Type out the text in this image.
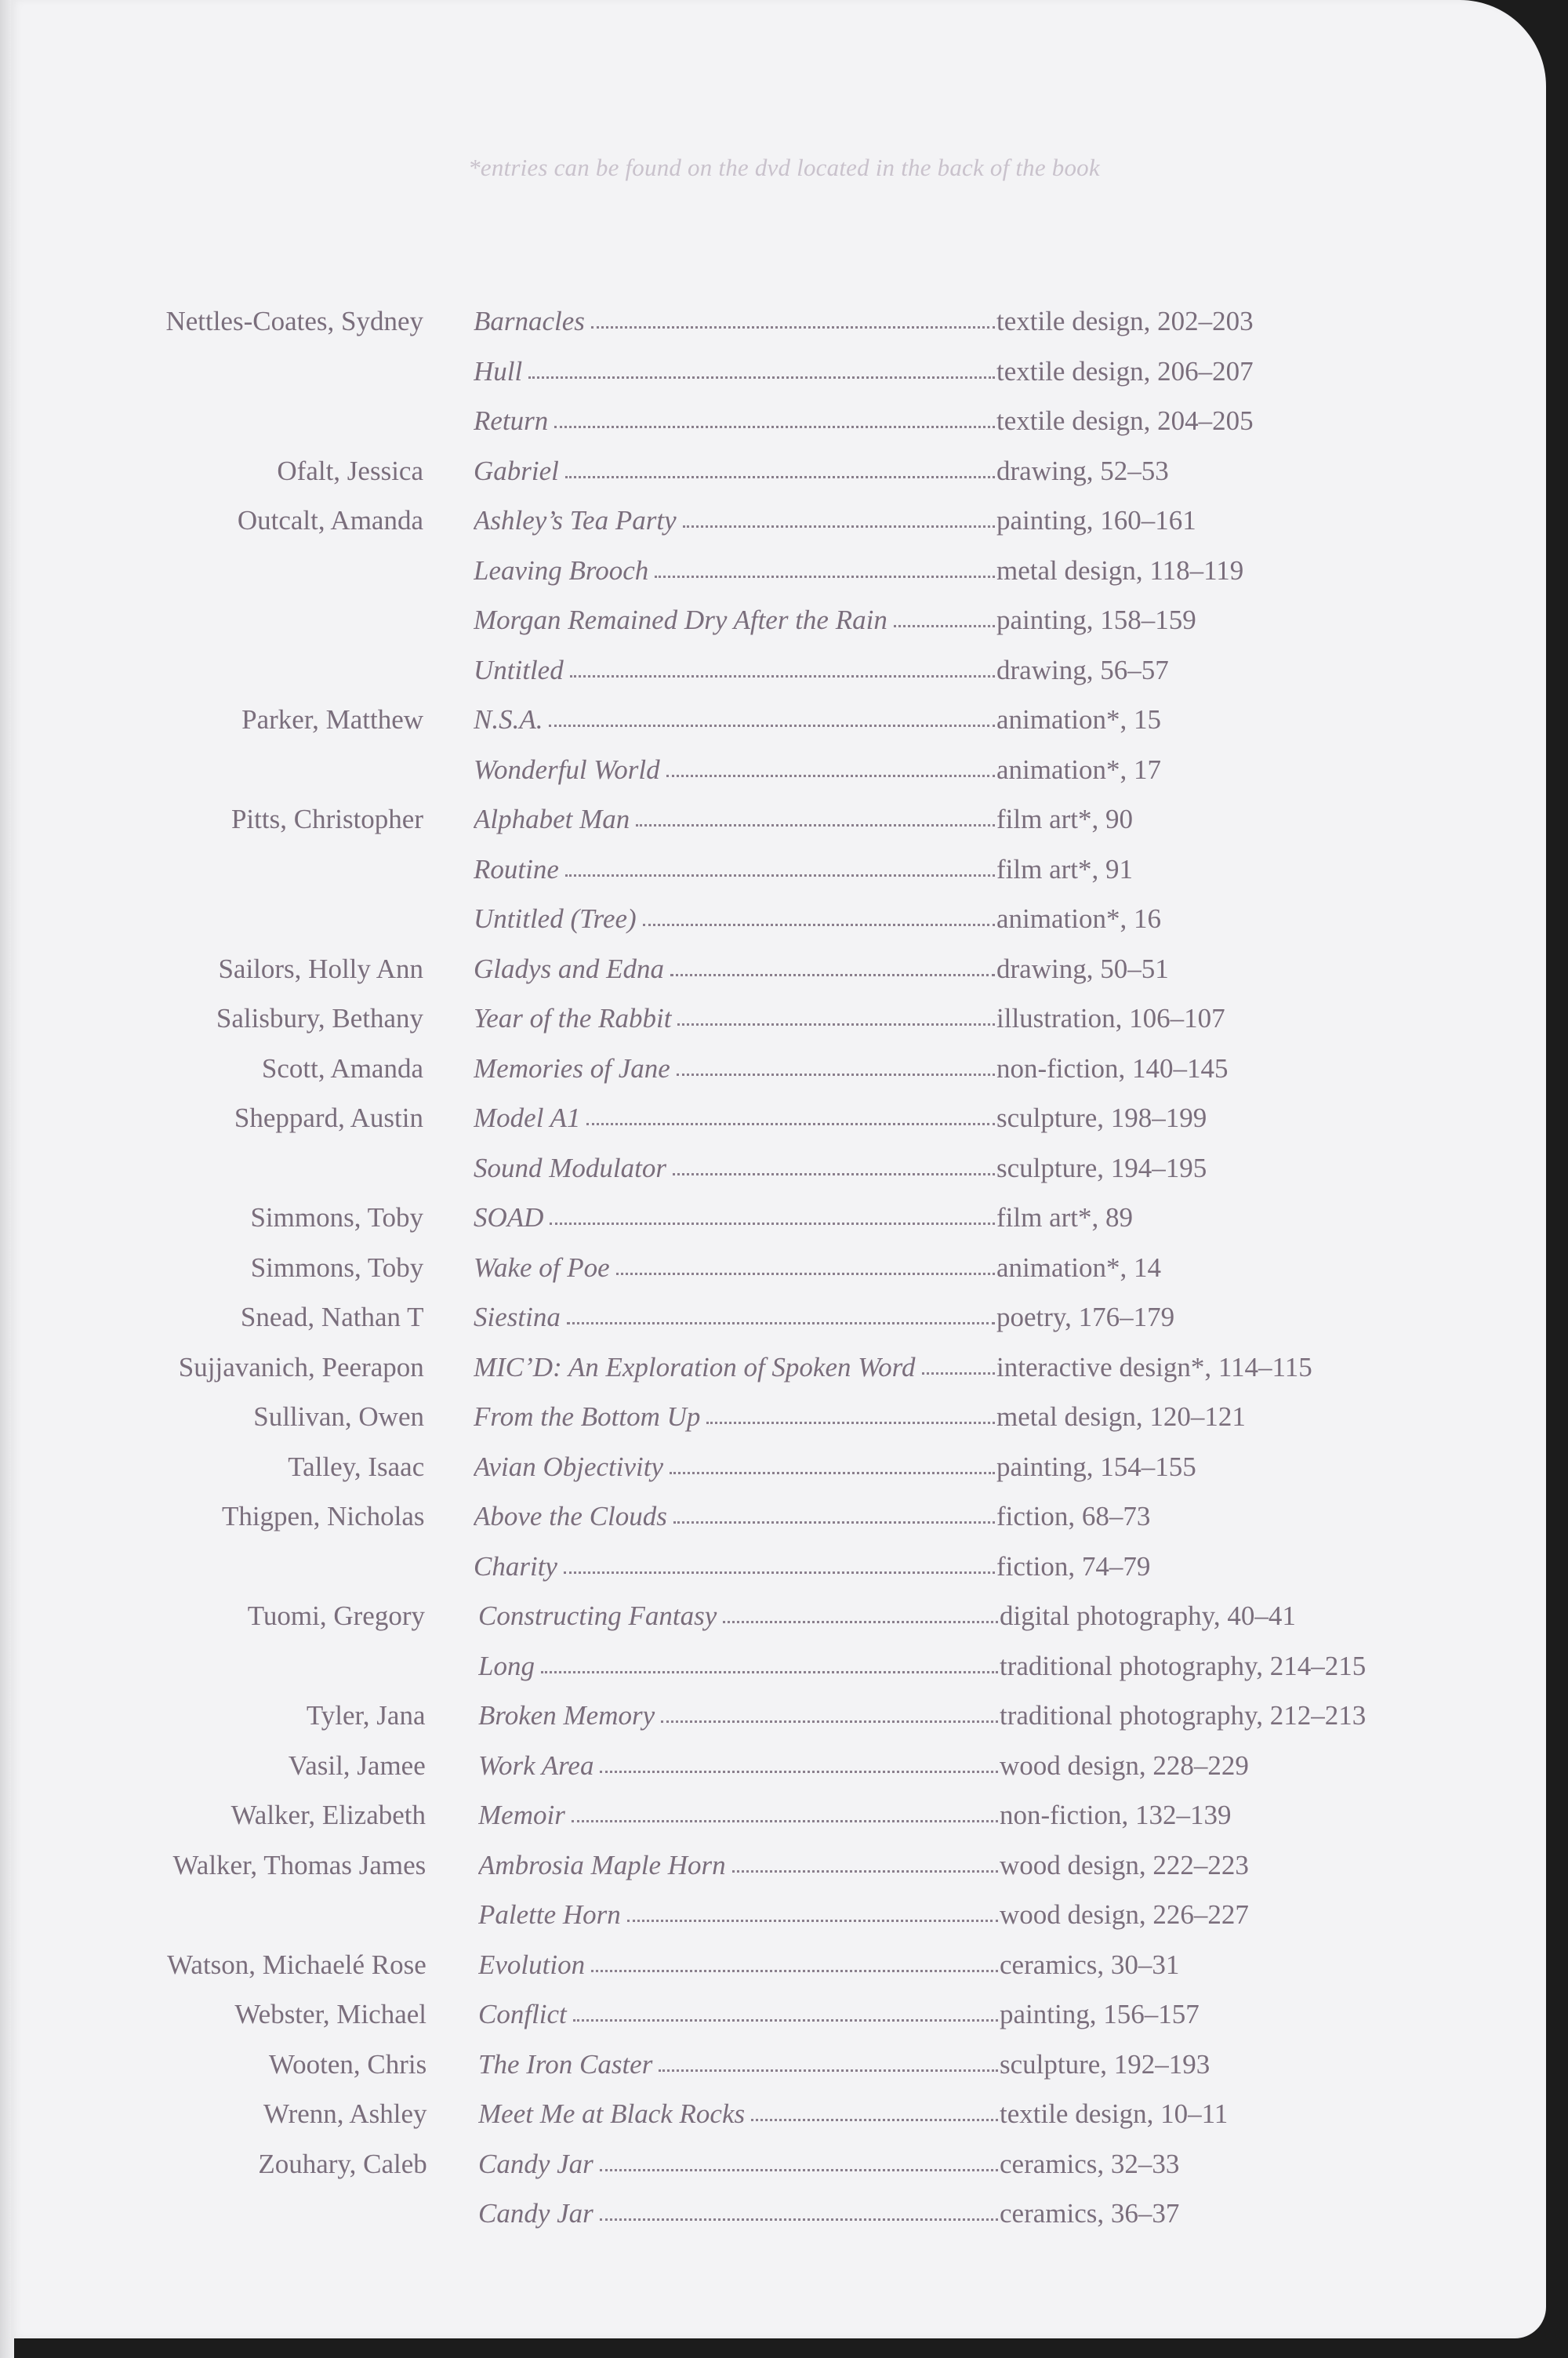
*entries can be found on the dvd located in the back of the book
Nettles-Coates, Sydney Barnacles	textile design, 202–203
Hull	textile design, 206–207
Return	textile design, 204–205
Ofalt, Jessica Gabriel	drawing, 52–53
Outcalt, Amanda Ashley’s Tea Party	painting, 160–161
Leaving Brooch	metal design, 118–119
Morgan Remained Dry After the Rain	painting, 158–159
Untitled	drawing, 56–57
Parker, Matthew N.S.A.	animation*, 15
Wonderful World	animation*, 17
Pitts, Christopher Alphabet Man	film art*, 90
Routine	film art*, 91
Untitled (Tree)	animation*, 16
Sailors, Holly Ann Gladys and Edna	drawing, 50–51
Salisbury, Bethany Year of the Rabbit	illustration, 106–107
Scott, Amanda Memories of Jane	non-fiction, 140–145
Sheppard, Austin Model A1	sculpture, 198–199
Sound Modulator	sculpture, 194–195
Simmons, Toby SOAD	film art*, 89
Simmons, Toby Wake of Poe	animation*, 14
Snead, Nathan T Siestina	poetry, 176–179
Sujjavanich, Peerapon MIC’D: An Exploration of Spoken Word	interactive design*, 114–115
Sullivan, Owen From the Bottom Up	metal design, 120–121
Talley, Isaac Avian Objectivity	painting, 154–155
Thigpen, Nicholas Above the Clouds	fiction, 68–73
Charity	fiction, 74–79
Tuomi, Gregory Constructing Fantasy	digital photography, 40–41
Long	traditional photography, 214–215
Tyler, Jana Broken Memory	traditional photography, 212–213
Vasil, Jamee Work Area	wood design, 228–229
Walker, Elizabeth Memoir	non-fiction, 132–139
Walker, Thomas James Ambrosia Maple Horn	wood design, 222–223
Palette Horn	wood design, 226–227
Watson, Michaelé Rose Evolution	ceramics, 30–31
Webster, Michael Conflict	painting, 156–157
Wooten, Chris The Iron Caster	sculpture, 192–193
Wrenn, Ashley Meet Me at Black Rocks	textile design, 10–11
Zouhary, Caleb Candy Jar	ceramics, 32–33
Candy Jar	ceramics, 36–37
